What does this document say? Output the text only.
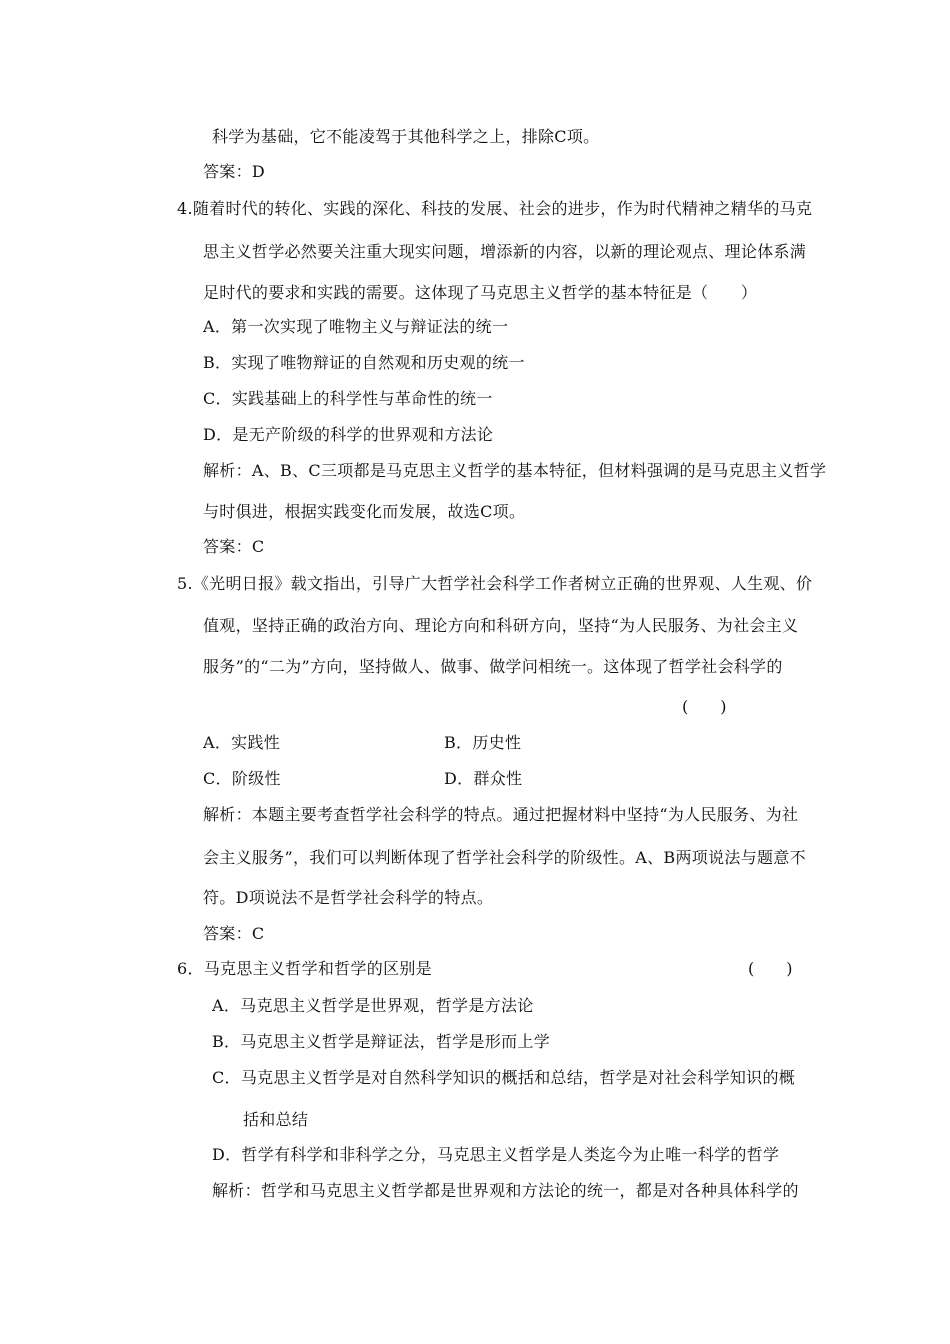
科学为基础，它不能凌驾于其他科学之上，排除C项。
答案：D
4.随着时代的转化、实践的深化、科技的发展、社会的进步，作为时代精神之精华的马克
思主义哲学必然要关注重大现实问题，增添新的内容，以新的理论观点、理论体系满
足时代的要求和实践的需要。这体现了马克思主义哲学的基本特征是（　　）
A．第一次实现了唯物主义与辩证法的统一
B．实现了唯物辩证的自然观和历史观的统一
C．实践基础上的科学性与革命性的统一
D．是无产阶级的科学的世界观和方法论
解析：A、B、C三项都是马克思主义哲学的基本特征，但材料强调的是马克思主义哲学
与时俱进，根据实践变化而发展，故选C项。
答案：C
5.《光明日报》载文指出，引导广大哲学社会科学工作者树立正确的世界观、人生观、价
值观，坚持正确的政治方向、理论方向和科研方向，坚持“为人民服务、为社会主义
服务”的“二为”方向，坚持做人、做事、做学问相统一。这体现了哲学社会科学的
(　　)
A．实践性	B．历史性
C．阶级性	D．群众性
解析：本题主要考查哲学社会科学的特点。通过把握材料中坚持“为人民服务、为社
会主义服务”，我们可以判断体现了哲学社会科学的阶级性。A、B两项说法与题意不
符。D项说法不是哲学社会科学的特点。
答案：C
6．马克思主义哲学和哲学的区别是	(　　)
A．马克思主义哲学是世界观，哲学是方法论
B．马克思主义哲学是辩证法，哲学是形而上学
C．马克思主义哲学是对自然科学知识的概括和总结，哲学是对社会科学知识的概
括和总结
D．哲学有科学和非科学之分，马克思主义哲学是人类迄今为止唯一科学的哲学
解析：哲学和马克思主义哲学都是世界观和方法论的统一，都是对各种具体科学的
